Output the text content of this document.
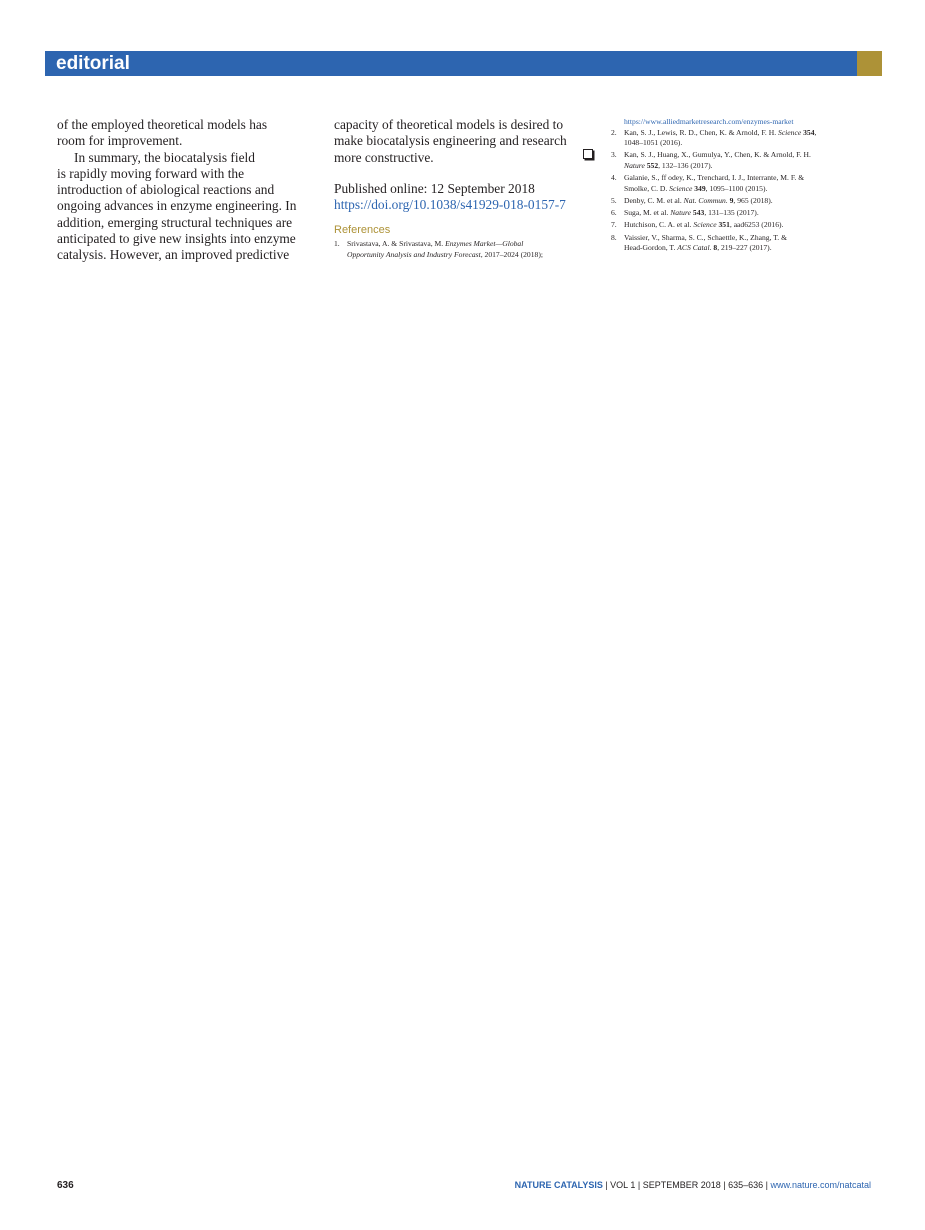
editorial

of the employed theoretical models has
room for improvement.

In summary, the biocatalysis field
is rapidly moving forward with the
introduction of abiological reactions and
ongoing advances in enzyme engineering. In
addition, emerging structural techniques are
anticipated to give new insights into enzyme
catalysis. However, an improved predictive

capacity of theoretical models is desired to
make biocatalysis engineering and research
more constructive.

Published online: 12 September 2018
https://doi.org/10.1038/s41929-018-0157-7
References
1. Srivastava, A. & Srivastava, M. Enzymes Market—Global
Opportunity Analysis and Industry Forecast, 2017–2024 (2018);
https://www.alliedmarketresearch.com/enzymes-market
2. Kan, S. J., Lewis, R. D., Chen, K. & Arnold, F. H. Science 354,
1048–1051 (2016).
3. Kan, S. J., Huang, X., Gumulya, Y., Chen, K. & Arnold, F. H.
Nature 552, 132–136 (2017).
4. Galanie, S., ff odey, K., Trenchard, I. J., Interrante, M. F. &
Smolke, C. D. Science 349, 1095–1100 (2015).
5. Denby, C. M. et al. Nat. Commun. 9, 965 (2018).
6. Suga, M. et al. Nature 543, 131–135 (2017).
7. Hutchison, C. A. et al. Science 351, aad6253 (2016).
8. Vaissier, V., Sharma, S. C., Schaettle, K., Zhang, T. &
Head-Gordon, T. ACS Catal. 8, 219–227 (2017).
636	NATURE CATALYSIS | VOL 1 | SEPTEMBER 2018 | 635–636 | www.nature.com/natcatal
